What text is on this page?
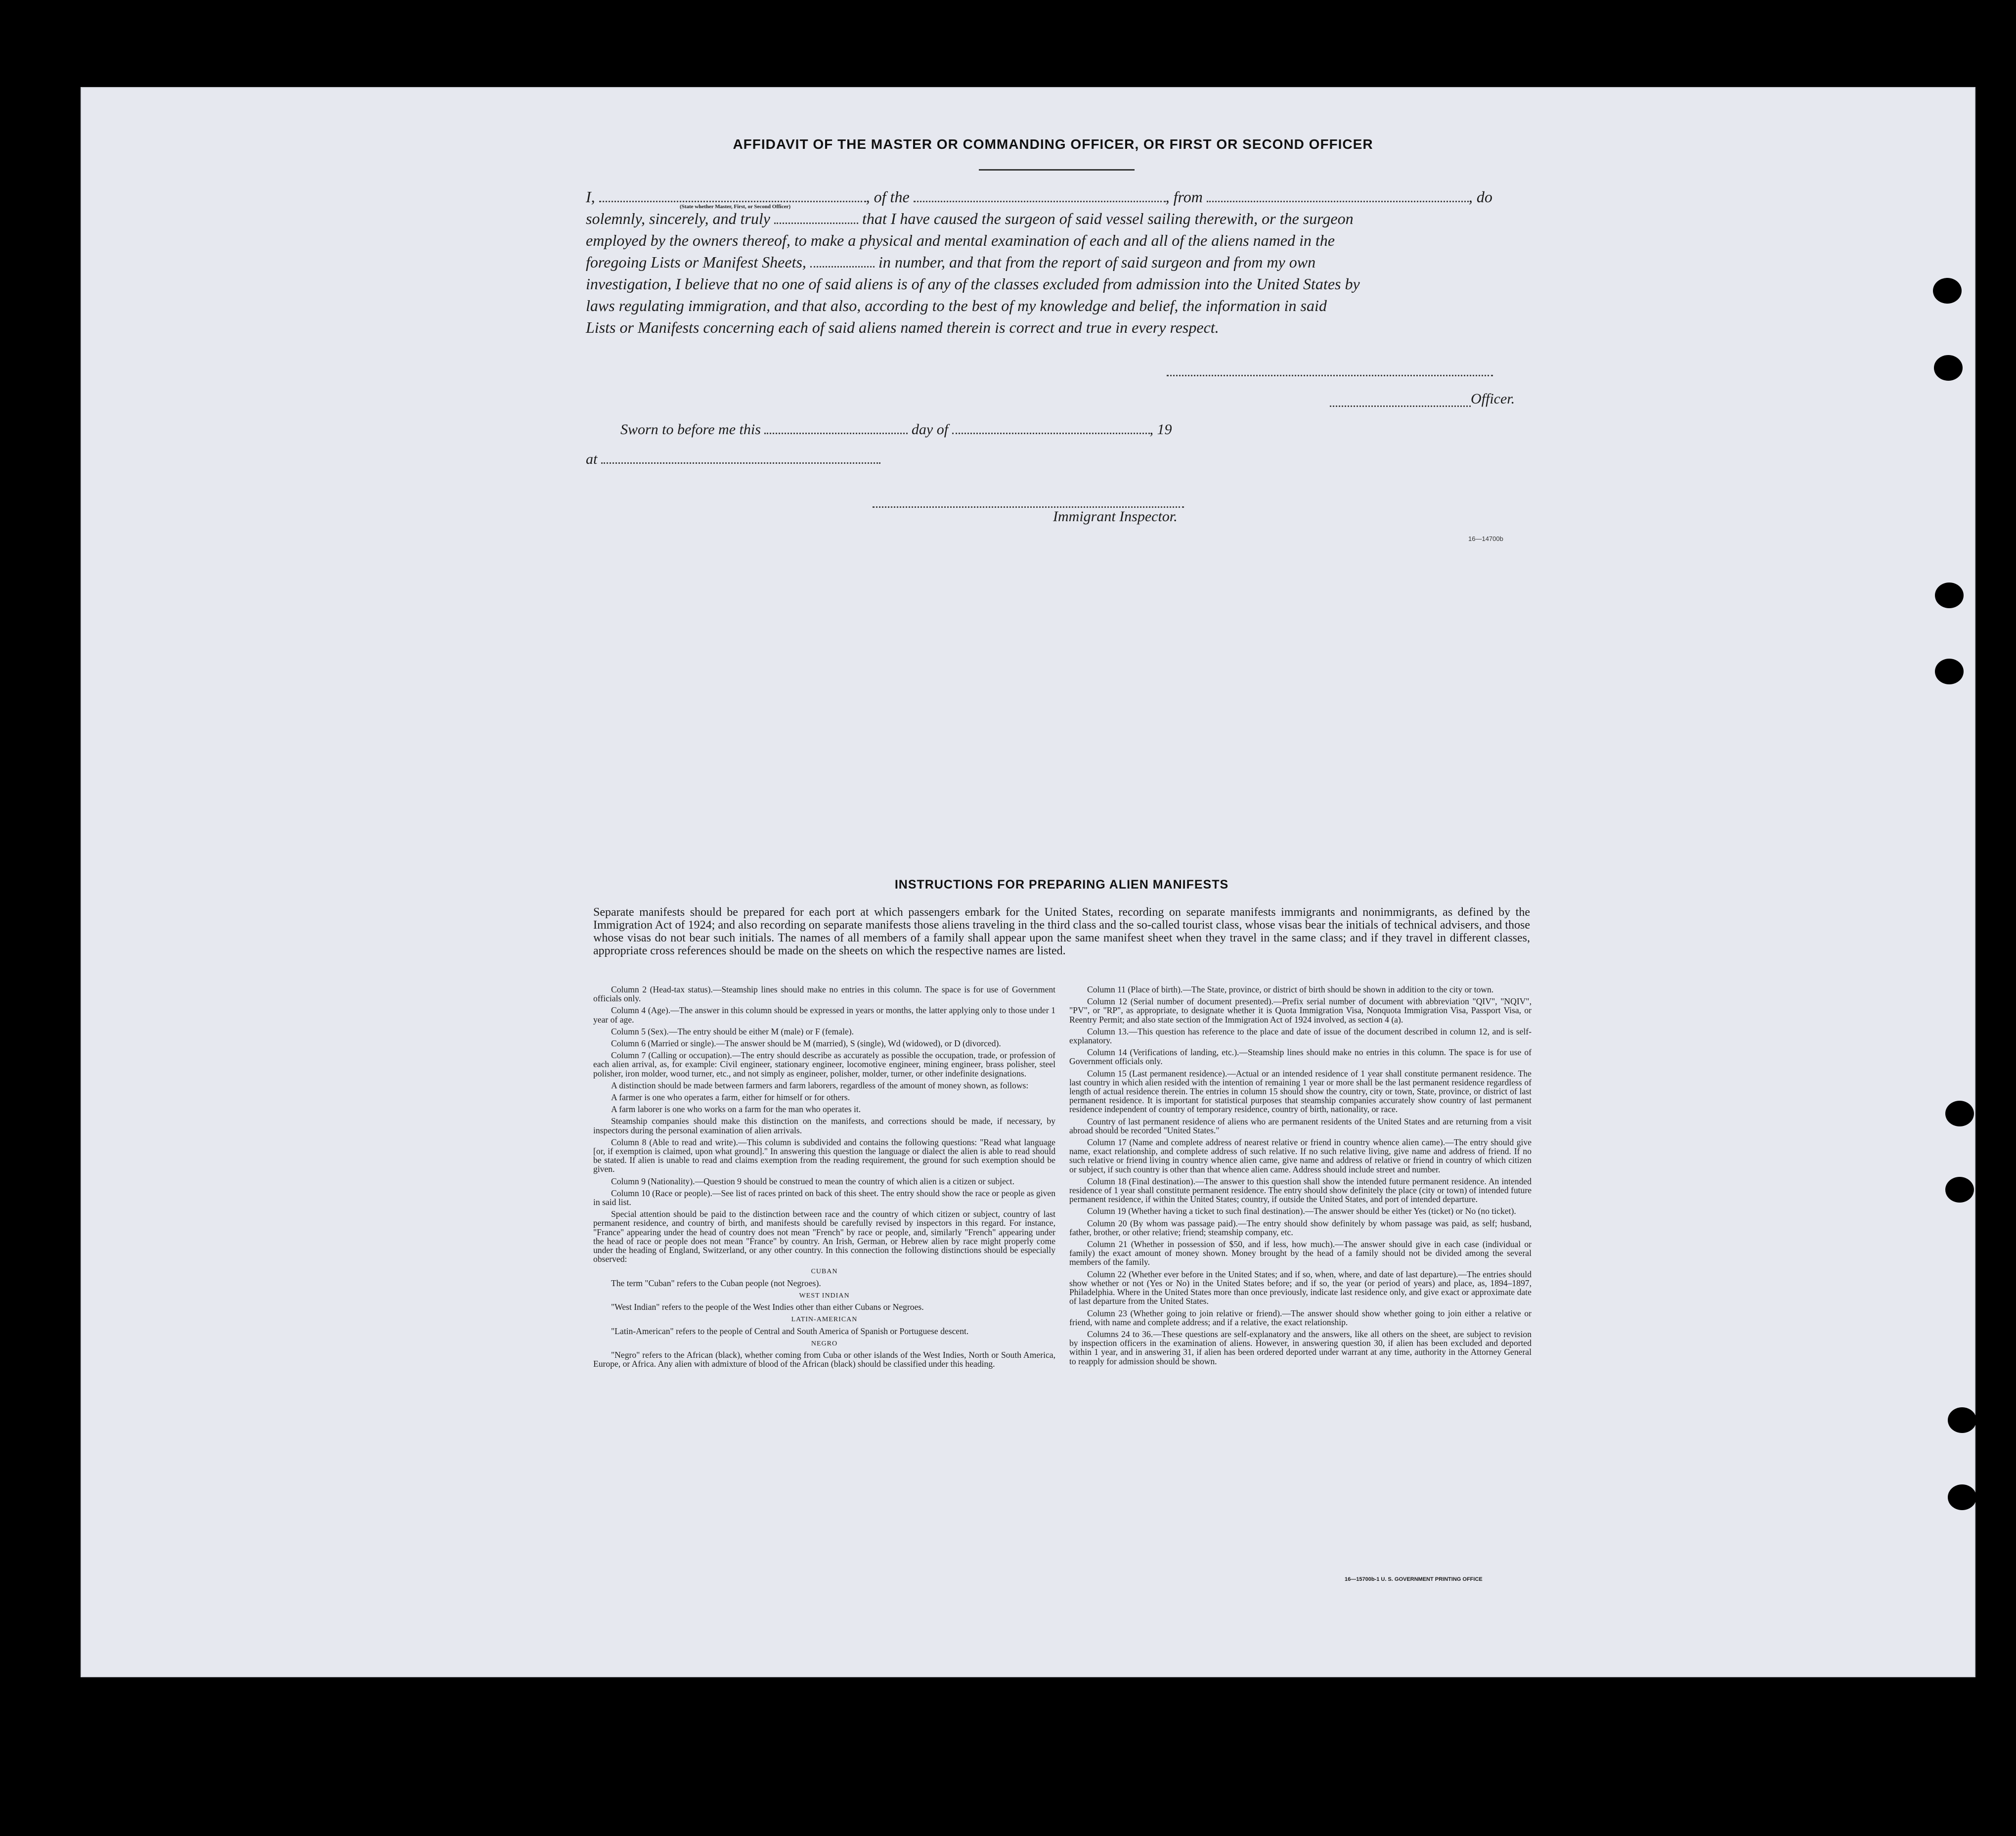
AFFIDAVIT OF THE MASTER OR COMMANDING OFFICER, OR FIRST OR SECOND OFFICER
I,	, of the	, from	, do
(State whether Master, First, or Second Officer)
solemnly, sincerely, and truly	that I have caused the surgeon of said vessel sailing therewith, or the surgeon
employed by the owners thereof, to make a physical and mental examination of each and all of the aliens named in the
foregoing Lists or Manifest Sheets,	in number, and that from the report of said surgeon and from my own
investigation, I believe that no one of said aliens is of any of the classes excluded from admission into the United States by
laws regulating immigration, and that also, according to the best of my knowledge and belief, the information in said
Lists or Manifests concerning each of said aliens named therein is correct and true in every respect.
Officer.
Sworn to before me this	day of	, 19
at
Immigrant Inspector.
16—14700b
INSTRUCTIONS FOR PREPARING ALIEN MANIFESTS
Separate manifests should be prepared for each port at which passengers embark for the United States, recording on separate manifests immigrants and nonimmigrants, as defined by the Immigration Act of 1924; and also recording on separate manifests those aliens traveling in the third class and the so-called tourist class, whose visas bear the initials of technical advisers, and those whose visas do not bear such initials. The names of all members of a family shall appear upon the same manifest sheet when they travel in the same class; and if they travel in different classes, appropriate cross references should be made on the sheets on which the respective names are listed.

Column 2 (Head-tax status).—Steamship lines should make no entries in this column. The space is for use of Government officials only.

Column 4 (Age).—The answer in this column should be expressed in years or months, the latter applying only to those under 1 year of age.

Column 5 (Sex).—The entry should be either M (male) or F (female).

Column 6 (Married or single).—The answer should be M (married), S (single), Wd (widowed), or D (divorced).

Column 7 (Calling or occupation).—The entry should describe as accurately as possible the occupation, trade, or profession of each alien arrival, as, for example: Civil engineer, stationary engineer, locomotive engineer, mining engineer, brass polisher, steel polisher, iron molder, wood turner, etc., and not simply as engineer, polisher, molder, turner, or other indefinite designations.

A distinction should be made between farmers and farm laborers, regardless of the amount of money shown, as follows:

A farmer is one who operates a farm, either for himself or for others.

A farm laborer is one who works on a farm for the man who operates it.

Steamship companies should make this distinction on the manifests, and corrections should be made, if necessary, by inspectors during the personal examination of alien arrivals.

Column 8 (Able to read and write).—This column is subdivided and contains the following questions: "Read what language [or, if exemption is claimed, upon what ground]." In answering this question the language or dialect the alien is able to read should be stated. If alien is unable to read and claims exemption from the reading requirement, the ground for such exemption should be given.

Column 9 (Nationality).—Question 9 should be construed to mean the country of which alien is a citizen or subject.

Column 10 (Race or people).—See list of races printed on back of this sheet. The entry should show the race or people as given in said list.

Special attention should be paid to the distinction between race and the country of which citizen or subject, country of last permanent residence, and country of birth, and manifests should be carefully revised by inspectors in this regard. For instance, "France" appearing under the head of country does not mean "French" by race or people, and, similarly "French" appearing under the head of race or people does not mean "France" by country. An Irish, German, or Hebrew alien by race might properly come under the heading of England, Switzerland, or any other country. In this connection the following distinctions should be especially observed:

CUBAN

The term "Cuban" refers to the Cuban people (not Negroes).

WEST INDIAN

"West Indian" refers to the people of the West Indies other than either Cubans or Negroes.

LATIN-AMERICAN

"Latin-American" refers to the people of Central and South America of Spanish or Portuguese descent.

NEGRO

"Negro" refers to the African (black), whether coming from Cuba or other islands of the West Indies, North or South America, Europe, or Africa. Any alien with admixture of blood of the African (black) should be classified under this heading.

Column 11 (Place of birth).—The State, province, or district of birth should be shown in addition to the city or town.

Column 12 (Serial number of document presented).—Prefix serial number of document with abbreviation "QIV", "NQIV", "PV", or "RP", as appropriate, to designate whether it is Quota Immigration Visa, Nonquota Immigration Visa, Passport Visa, or Reentry Permit; and also state section of the Immigration Act of 1924 involved, as section 4 (a).

Column 13.—This question has reference to the place and date of issue of the document described in column 12, and is self-explanatory.

Column 14 (Verifications of landing, etc.).—Steamship lines should make no entries in this column. The space is for use of Government officials only.

Column 15 (Last permanent residence).—Actual or an intended residence of 1 year shall constitute permanent residence. The last country in which alien resided with the intention of remaining 1 year or more shall be the last permanent residence regardless of length of actual residence therein. The entries in column 15 should show the country, city or town, State, province, or district of last permanent residence. It is important for statistical purposes that steamship companies accurately show country of last permanent residence independent of country of temporary residence, country of birth, nationality, or race.

Country of last permanent residence of aliens who are permanent residents of the United States and are returning from a visit abroad should be recorded "United States."

Column 17 (Name and complete address of nearest relative or friend in country whence alien came).—The entry should give name, exact relationship, and complete address of such relative. If no such relative living, give name and address of friend. If no such relative or friend living in country whence alien came, give name and address of relative or friend in country of which citizen or subject, if such country is other than that whence alien came. Address should include street and number.

Column 18 (Final destination).—The answer to this question shall show the intended future permanent residence. An intended residence of 1 year shall constitute permanent residence. The entry should show definitely the place (city or town) of intended future permanent residence, if within the United States; country, if outside the United States, and port of intended departure.

Column 19 (Whether having a ticket to such final destination).—The answer should be either Yes (ticket) or No (no ticket).

Column 20 (By whom was passage paid).—The entry should show definitely by whom passage was paid, as self; husband, father, brother, or other relative; friend; steamship company, etc.

Column 21 (Whether in possession of $50, and if less, how much).—The answer should give in each case (individual or family) the exact amount of money shown. Money brought by the head of a family should not be divided among the several members of the family.

Column 22 (Whether ever before in the United States; and if so, when, where, and date of last departure).—The entries should show whether or not (Yes or No) in the United States before; and if so, the year (or period of years) and place, as, 1894–1897, Philadelphia. Where in the United States more than once previously, indicate last residence only, and give exact or approximate date of last departure from the United States.

Column 23 (Whether going to join relative or friend).—The answer should show whether going to join either a relative or friend, with name and complete address; and if a relative, the exact relationship.

Columns 24 to 36.—These questions are self-explanatory and the answers, like all others on the sheet, are subject to revision by inspection officers in the examination of aliens. However, in answering question 30, if alien has been excluded and deported within 1 year, and in answering 31, if alien has been ordered deported under warrant at any time, authority in the Attorney General to reapply for admission should be shown.

16—15700b-1 U. S. GOVERNMENT PRINTING OFFICE
